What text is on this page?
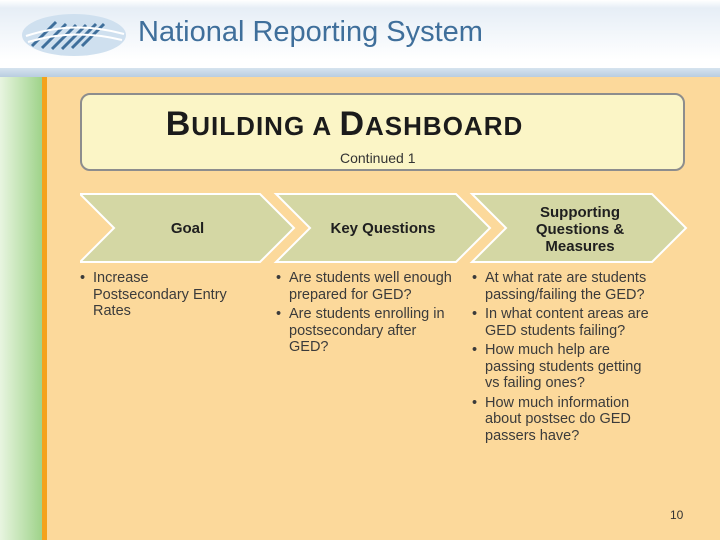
National Reporting System
BUILDING A DASHBOARD
Continued 1
Goal	Key Questions
Supporting
Questions &
Measures
• Increase Postsecondary Entry Rates
• Are students well enough prepared for GED?
• Are students enrolling in postsecondary after GED?
• At what rate are students passing/failing the GED?
• In what content areas are GED students failing?
• How much help are passing students getting vs failing ones?
• How much information about postsec do GED passers have?
10
